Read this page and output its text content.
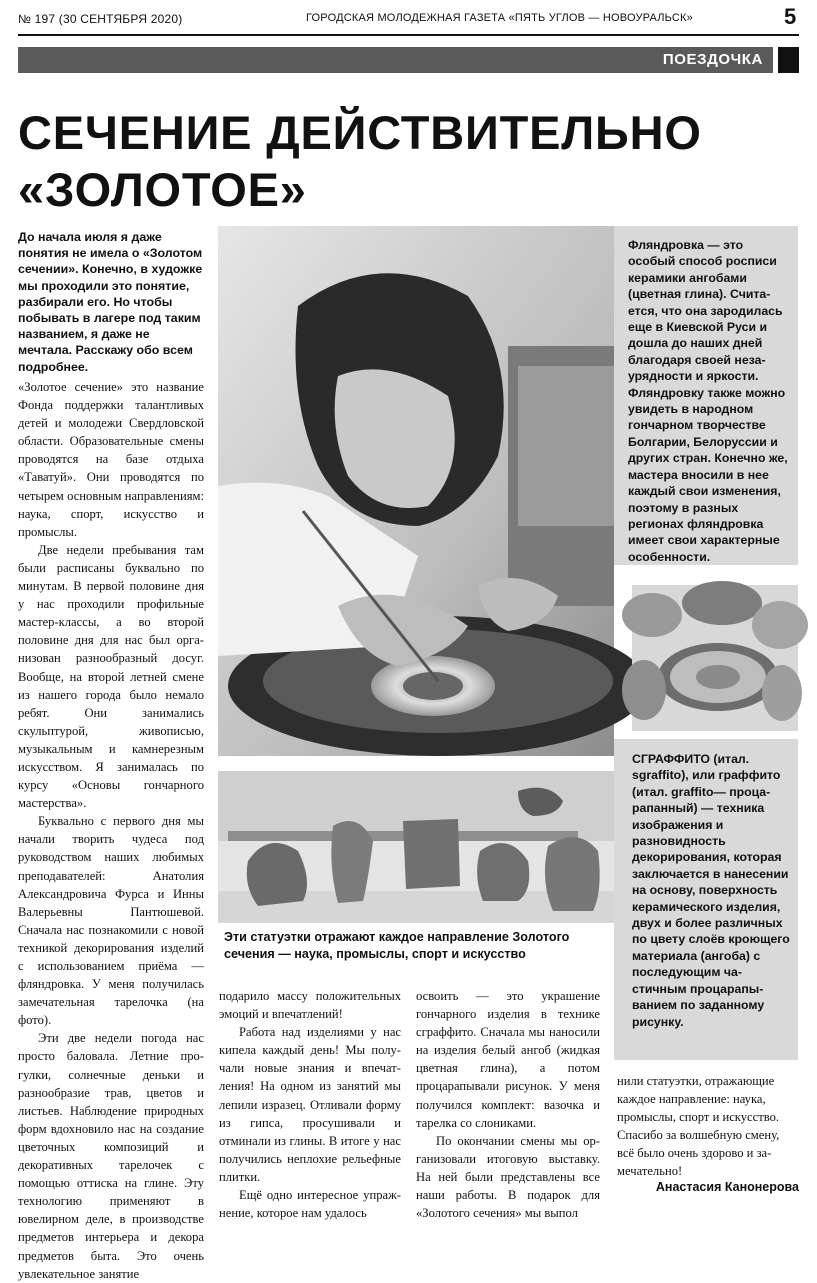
№ 197 (30 СЕНТЯБРЯ 2020)	ГОРОДСКАЯ МОЛОДЕЖНАЯ ГАЗЕТА «ПЯТЬ УГЛОВ — НОВОУРАЛЬСК»	5
ПОЕЗДОЧКА
СЕЧЕНИЕ ДЕЙСТВИТЕЛЬНО
«ЗОЛОТОЕ»
До начала июля я даже понятия не имела о «Золотом сечении». Конечно, в художке мы проходили это понятие, разбирали его. Но чтобы побывать в лагере под таким названием, я даже не мечтала. Расскажу обо всем подробнее.

«Золотое сечение» это название Фонда поддержки талантливых детей и молодежи Свердловской области. Образовательные смены проводятся на базе отдыха «Таватуй». Они проводятся по четырем основным направлениям: наука, спорт, искусство и промыслы.

Две недели пребывания там были расписаны буквально по минутам. В первой половине дня у нас проходили профильные мастер-классы, а во второй половине дня для нас был организован разнообразный досуг. Вообще, на второй летней смене из нашего города было немало ребят. Они занимались скульптурой, живописью, музыкальным и камнерезным искусством. Я занималась по курсу «Основы гончарного мастерства».

Буквально с первого дня мы начали творить чудеса под руководством наших любимых преподавателей: Анатолия Александровича Фурса и Инны Валерьевны Пантюшевой. Сначала нас познакомили с новой техникой декорирования изделий с использованием приёма — фляндровка. У меня получилась замечательная тарелочка (на фото).

Эти две недели погода нас просто баловала. Летние прогулки, солнечные деньки и разнообразие трав, цветов и листьев. Наблюдение природных форм вдохновило нас на создание цветочных композиций и декоративных тарелочек с помощью оттиска на глине. Эту технологию применяют в ювелирном деле, в производстве предметов интерьера и декора предметов быта. Это очень увлекательное занятие

Фляндровка — это особый способ росписи керамики ангобами (цветная глина). Считается, что она зародилась еще в Киевской Руси и дошла до наших дней благодаря своей незаурядности и яркости. Фляндровку также можно увидеть в народном гончарном творчестве Болгарии, Белоруссии и других стран. Конечно же, мастера вносили в нее каждый свои изменения, поэтому в разных регионах фляндровка имеет свои характерные особенности.
СГРАФФИТО (итал. sgraffito), или граффито (итал. graffito— процaрапанный) — техника изображения и разновидность декорирования, которая заключается в нанесении на основу, поверхность керамического изделия, двух и более различных по цвету слоёв кроющего материала (ангоба) с последующим частичным процарапыванием по заданному рисунку.
Эти статуэтки отражают каждое направление Золотого сечения — наука, промыслы, спорт и искусство

подарило массу положительных эмоций и впечатлений!

Работа над изделиями у нас кипела каждый день! Мы получали новые знания и впечатления! На одном из занятий мы лепили изразец. Отливали форму из гипса, просушивали и отминали из глины. В итоге у нас получились неплохие рельефные плитки.

Ещё одно интересное упражнение, которое нам удалось

освоить — это украшение гончарного изделия в технике сграффито. Сначала мы наносили на изделия белый ангоб (жидкая цветная глина), а потом процарапывали рисунок. У меня получился комплект: вазочка и тарелка со слониками.

По окончании смены мы организовали итоговую выставку. На ней были представлены все наши работы. В подарок для «Золотого сечения» мы выпол

нили статуэтки, отражающие каждое направление: наука, промыслы, спорт и искусство. Спасибо за волшебную смену, всё было очень здорово и замечательно!

Анастасия Канонерова
